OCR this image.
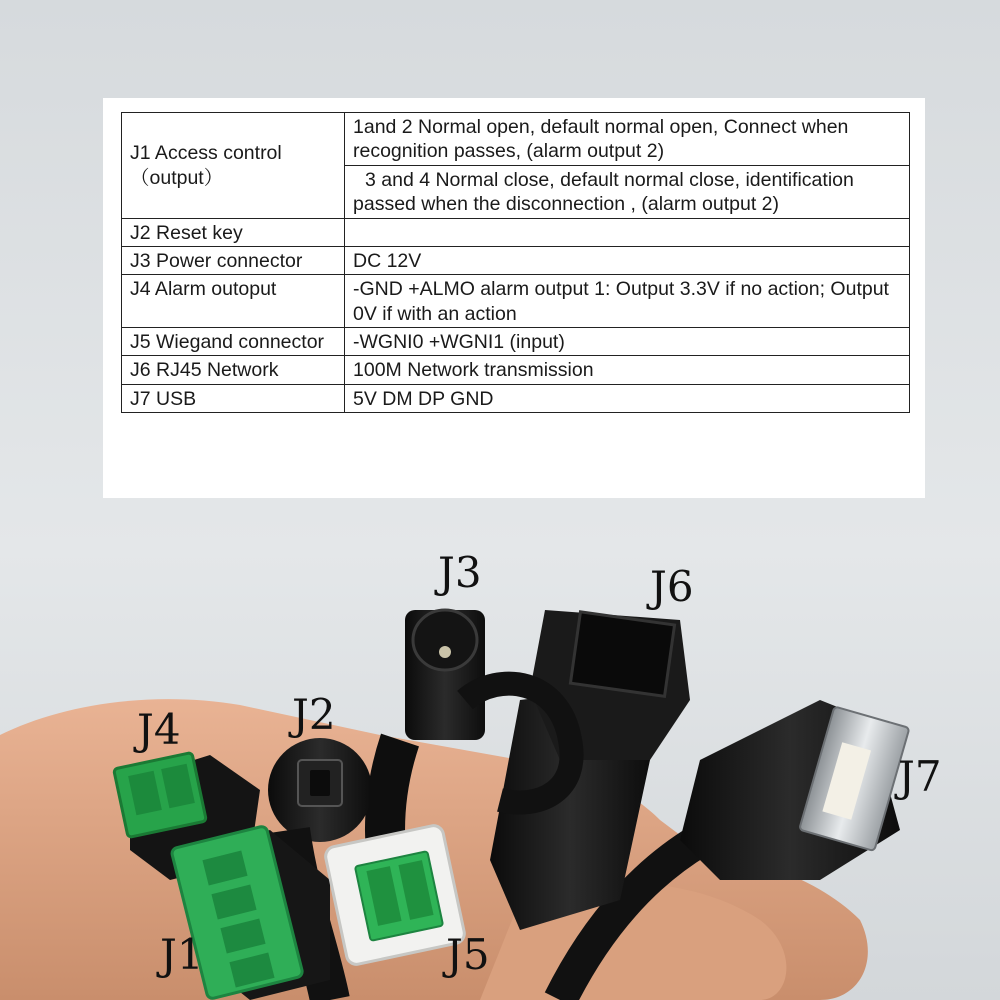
J1 Access control
（output）	1and 2 Normal open, default normal open, Connect when recognition passes, (alarm output 2)

	3 and 4 Normal close, default normal close, identification
passed when the disconnection , (alarm output 2)

J2 Reset key	
J3 Power connector	DC 12V
J4 Alarm outoput	-GND +ALMO alarm output 1: Output 3.3V if no action; Output 0V if with an action
J5 Wiegand connector	-WGNI0 +WGNI1 (input)
J6 RJ45 Network	100M Network transmission
J7 USB	5V DM DP GND
J3	J6
J2
J4
J7
J1	J5
